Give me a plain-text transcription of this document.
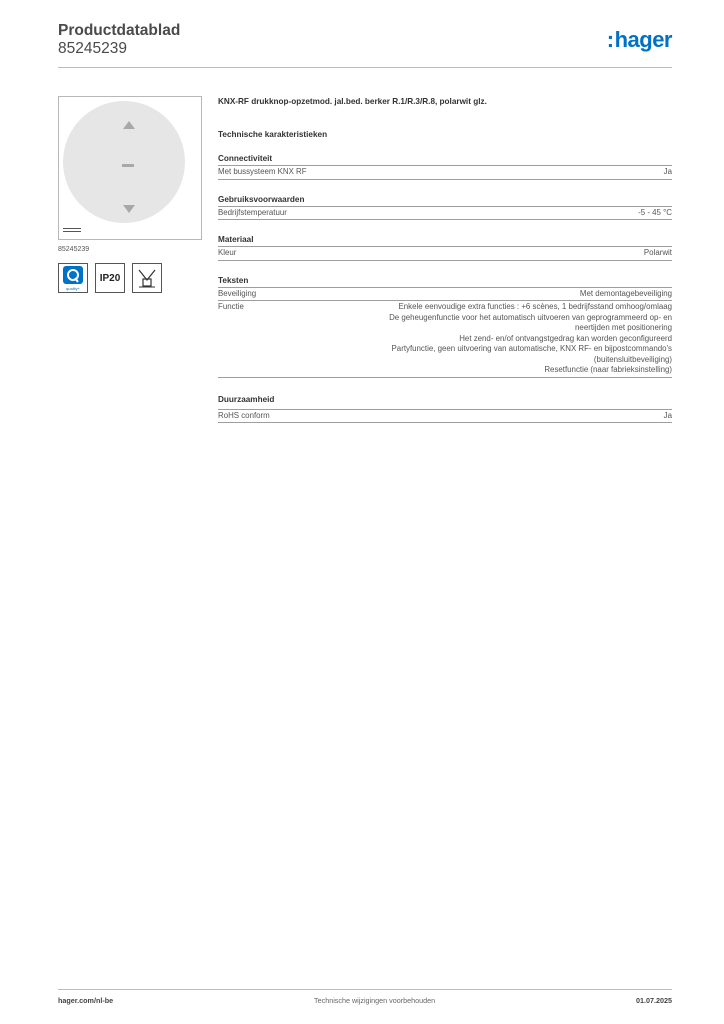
Productdatablad
85245239	:hager
85245239
quality+
IP20
KNX-RF drukknop-opzetmod. jal.bed. berker R.1/R.3/R.8, polarwit glz.
Technische karakteristieken
Connectiviteit
Met bussysteem KNX RF	Ja
Gebruiksvoorwaarden
Bedrijfstemperatuur	-5 - 45 °C
Materiaal
Kleur	Polarwit
Teksten
Beveiliging	Met demontagebeveiliging
Functie	Enkele eenvoudige extra functies : +6 scènes, 1 bedrijfsstand omhoog/omlaag
De geheugenfunctie voor het automatisch uitvoeren van geprogrammeerd op- en
neertijden met positionering
Het zend- en/of ontvangstgedrag kan worden geconfigureerd
Partyfunctie, geen uitvoering van automatische, KNX RF- en bijpostcommando's
(buitensluitbeveiliging)
Resetfunctie (naar fabrieksinstelling)
Duurzaamheid
RoHS conform	Ja
hager.com/nl-be	Technische wijzigingen voorbehouden	01.07.2025
